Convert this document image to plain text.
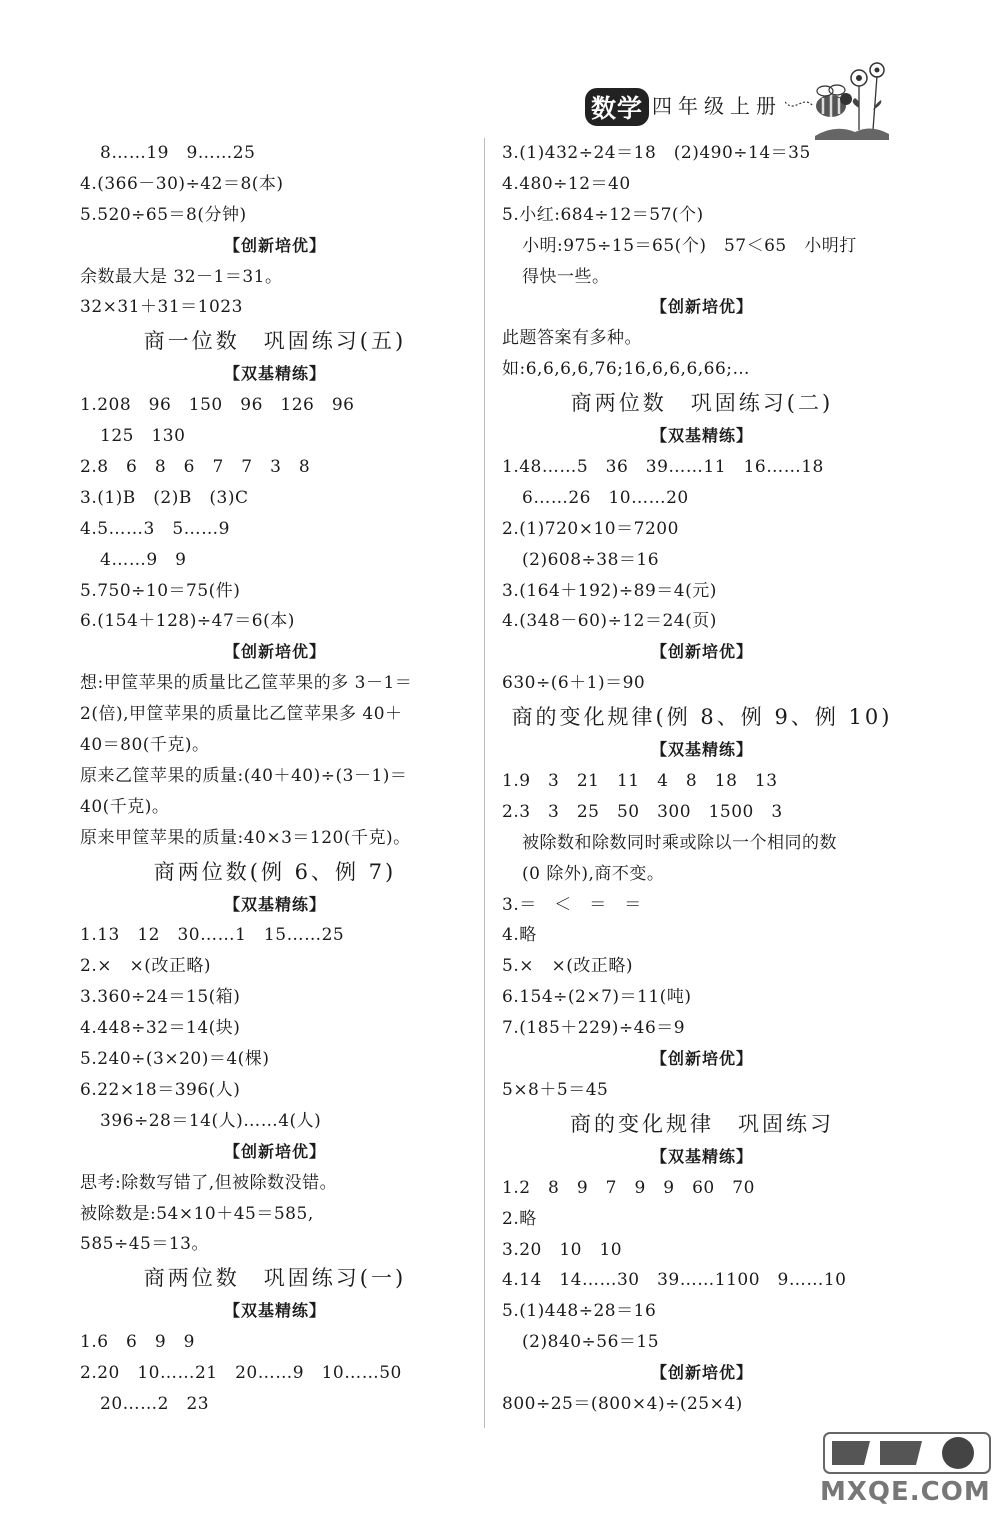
数学 四年级上册
8……19　9……25
4.(366－30)÷42＝8(本)
5.520÷65＝8(分钟)
【创新培优】
余数最大是 32－1＝31。
32×31＋31＝1023
商一位数　巩固练习(五)
【双基精练】
1.208　96　150　96　126　96
125　130
2.8　6　8　6　7　7　3　8
3.(1)B　(2)B　(3)C
4.5……3　5……9
4……9　9
5.750÷10＝75(件)
6.(154＋128)÷47＝6(本)
【创新培优】
想:甲筐苹果的质量比乙筐苹果的多 3－1＝
2(倍),甲筐苹果的质量比乙筐苹果多 40＋
40＝80(千克)。
原来乙筐苹果的质量:(40＋40)÷(3－1)＝
40(千克)。
原来甲筐苹果的质量:40×3＝120(千克)。
商两位数(例 6、例 7)
【双基精练】
1.13　12　30……1　15……25
2.×　×(改正略)
3.360÷24＝15(箱)
4.448÷32＝14(块)
5.240÷(3×20)＝4(棵)
6.22×18＝396(人)
396÷28＝14(人)……4(人)
【创新培优】
思考:除数写错了,但被除数没错。
被除数是:54×10＋45＝585,
585÷45＝13。
商两位数　巩固练习(一)
【双基精练】
1.6　6　9　9
2.20　10……21　20……9　10……50
20……2　23
3.(1)432÷24＝18　(2)490÷14＝35
4.480÷12＝40
5.小红:684÷12＝57(个)
小明:975÷15＝65(个)　57＜65　小明打
得快一些。
【创新培优】
此题答案有多种。
如:6,6,6,6,76;16,6,6,6,66;…
商两位数　巩固练习(二)
【双基精练】
1.48……5　36　39……11　16……18
6……26　10……20
2.(1)720×10＝7200
(2)608÷38＝16
3.(164＋192)÷89＝4(元)
4.(348－60)÷12＝24(页)
【创新培优】
630÷(6＋1)＝90
商的变化规律(例 8、例 9、例 10)
【双基精练】
1.9　3　21　11　4　8　18　13
2.3　3　25　50　300　1500　3
被除数和除数同时乘或除以一个相同的数
(0 除外),商不变。
3.＝　＜　＝　＝
4.略
5.×　×(改正略)
6.154÷(2×7)＝11(吨)
7.(185＋229)÷46＝9
【创新培优】
5×8＋5＝45
商的变化规律　巩固练习
【双基精练】
1.2　8　9　7　9　9　60　70
2.略
3.20　10　10
4.14　14……30　39……1100　9……10
5.(1)448÷28＝16
(2)840÷56＝15
【创新培优】
800÷25＝(800×4)÷(25×4)
MXQE.COM
